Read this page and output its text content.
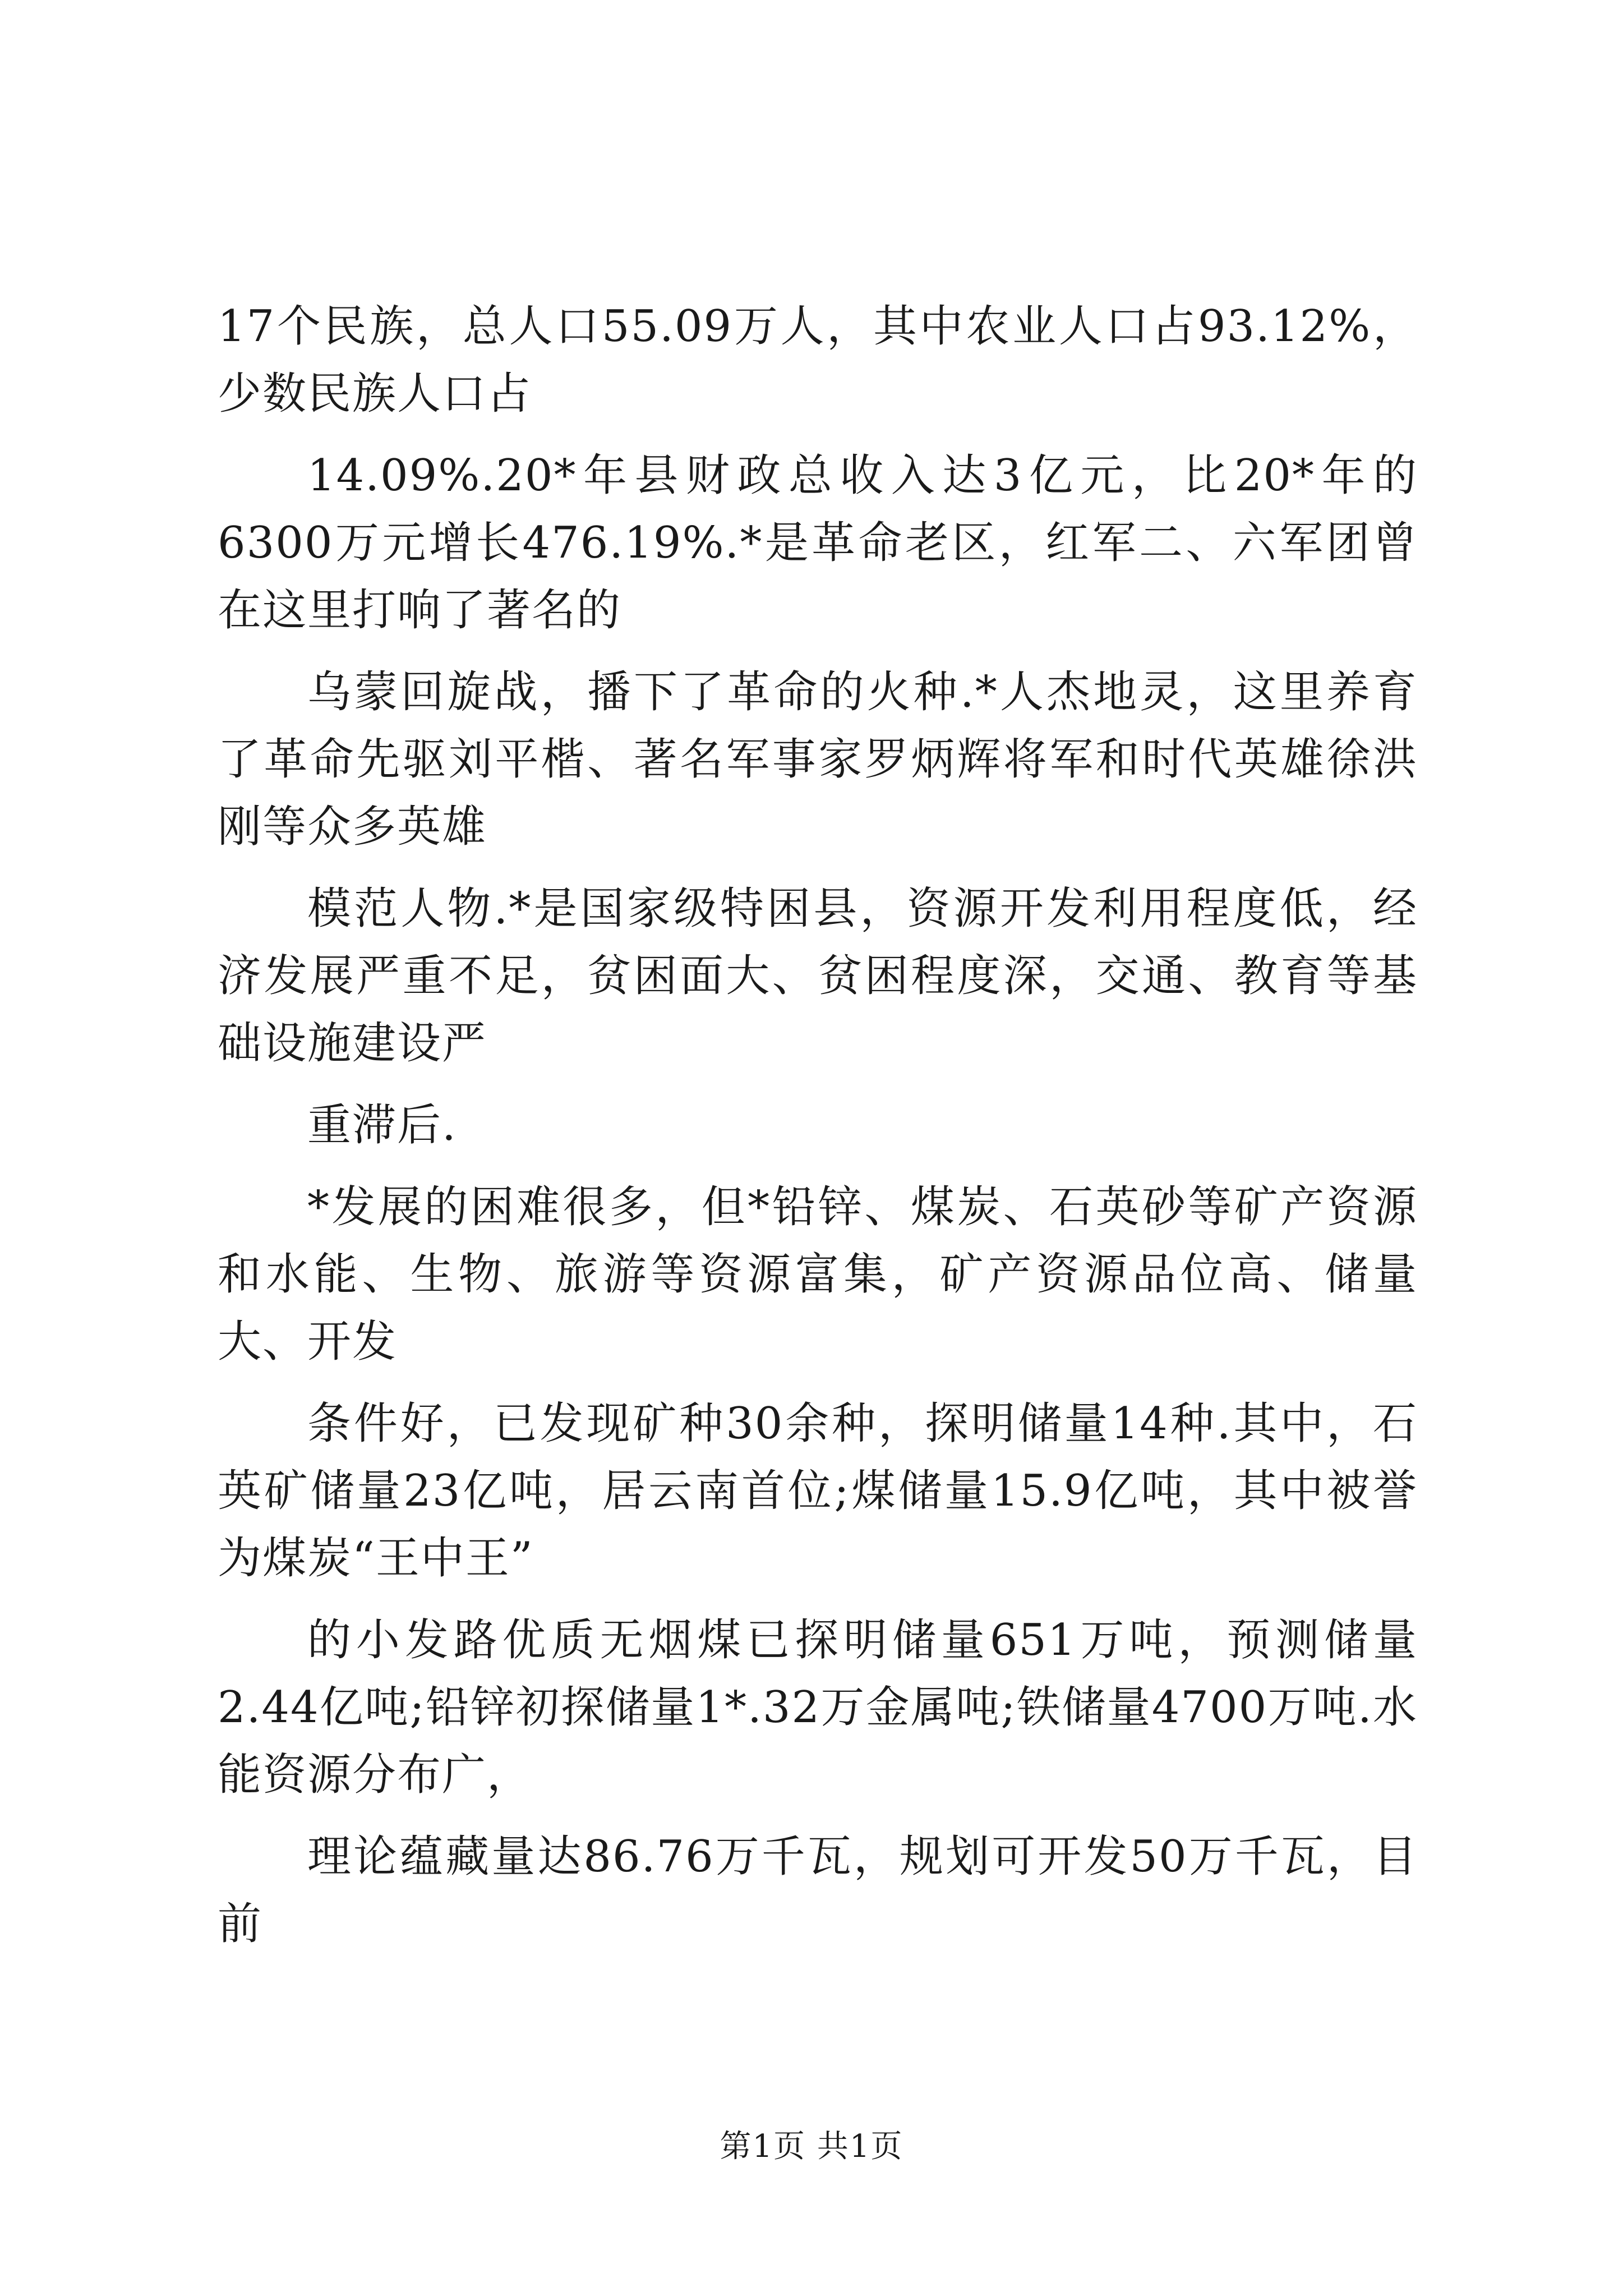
17个民族，总人口55.09万人，其中农业人口占93.12%，少数民族人口占

14.09%.20*年县财政总收入达3亿元，比20*年的6300万元增长476.19%.*是革命老区，红军二、六军团曾在这里打响了著名的

乌蒙回旋战，播下了革命的火种.*人杰地灵，这里养育了革命先驱刘平楷、著名军事家罗炳辉将军和时代英雄徐洪刚等众多英雄

模范人物.*是国家级特困县，资源开发利用程度低，经济发展严重不足，贫困面大、贫困程度深，交通、教育等基础设施建设严

重滞后.

*发展的困难很多，但*铅锌、煤炭、石英砂等矿产资源和水能、生物、旅游等资源富集，矿产资源品位高、储量大、开发

条件好，已发现矿种30余种，探明储量14种.其中，石英矿储量23亿吨，居云南首位;煤储量15.9亿吨，其中被誉为煤炭“王中王”

的小发路优质无烟煤已探明储量651万吨，预测储量2.44亿吨;铅锌初探储量1*.32万金属吨;铁储量4700万吨.水能资源分布广，

理论蕴藏量达86.76万千瓦，规划可开发50万千瓦，目前

第1页 共1页
